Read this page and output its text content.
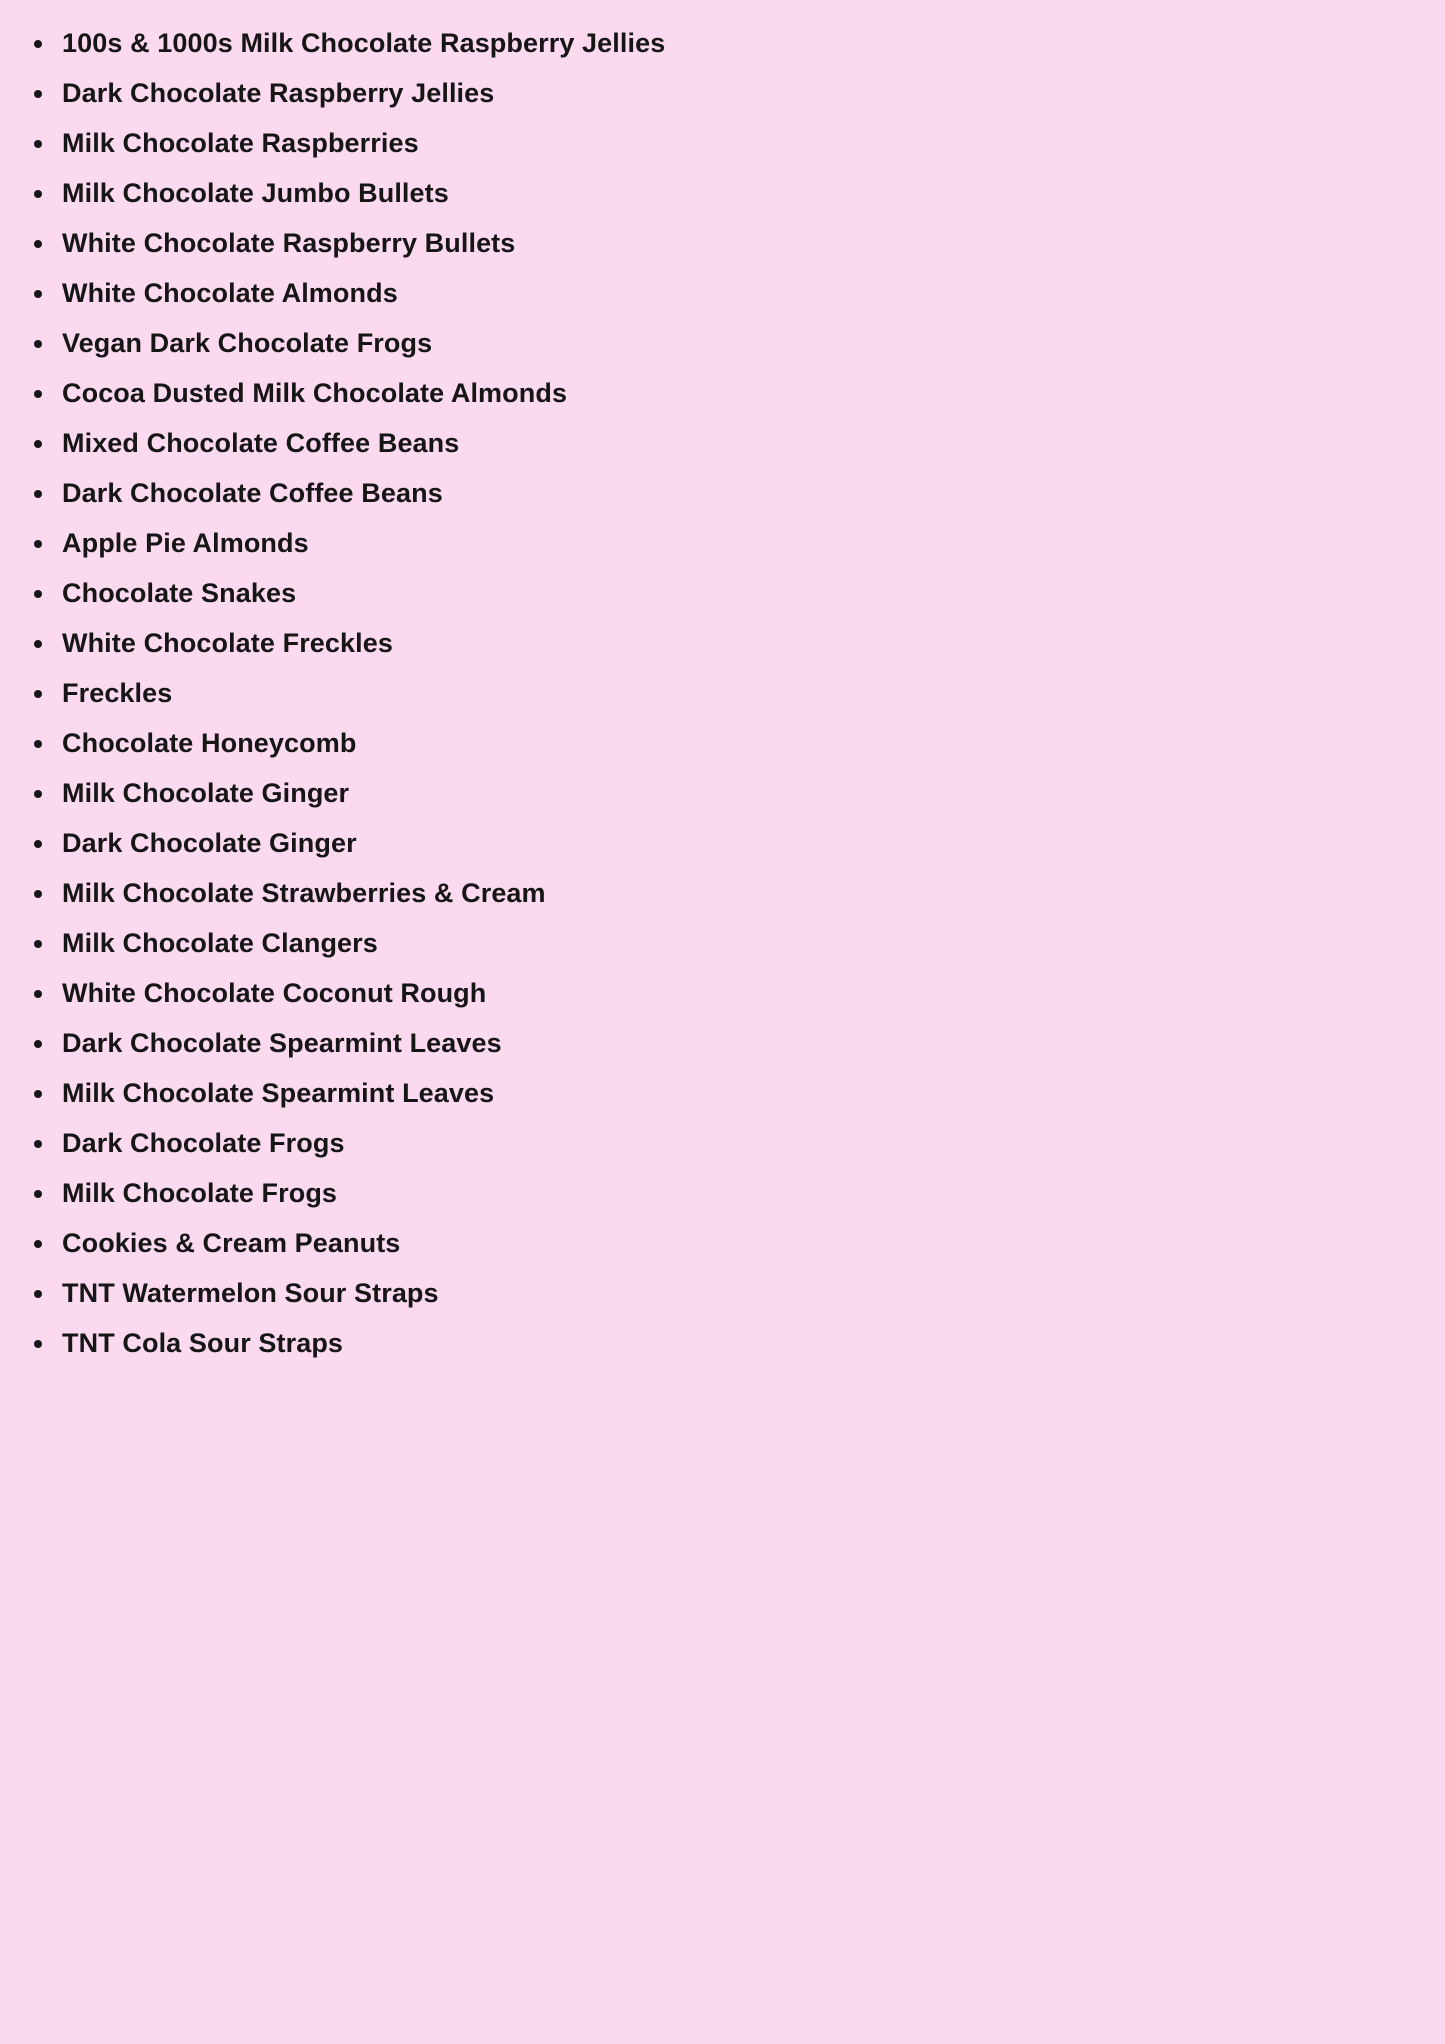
100s & 1000s Milk Chocolate Raspberry Jellies
Dark Chocolate Raspberry Jellies
Milk Chocolate Raspberries
Milk Chocolate Jumbo Bullets
White Chocolate Raspberry Bullets
White Chocolate Almonds
Vegan Dark Chocolate Frogs
Cocoa Dusted Milk Chocolate Almonds
Mixed Chocolate Coffee Beans
Dark Chocolate Coffee Beans
Apple Pie Almonds
Chocolate Snakes
White Chocolate Freckles
Freckles
Chocolate Honeycomb
Milk Chocolate Ginger
Dark Chocolate Ginger
Milk Chocolate Strawberries & Cream
Milk Chocolate Clangers
White Chocolate Coconut Rough
Dark Chocolate Spearmint Leaves
Milk Chocolate Spearmint Leaves
Dark Chocolate Frogs
Milk Chocolate Frogs
Cookies & Cream Peanuts
TNT Watermelon Sour Straps
TNT Cola Sour Straps
